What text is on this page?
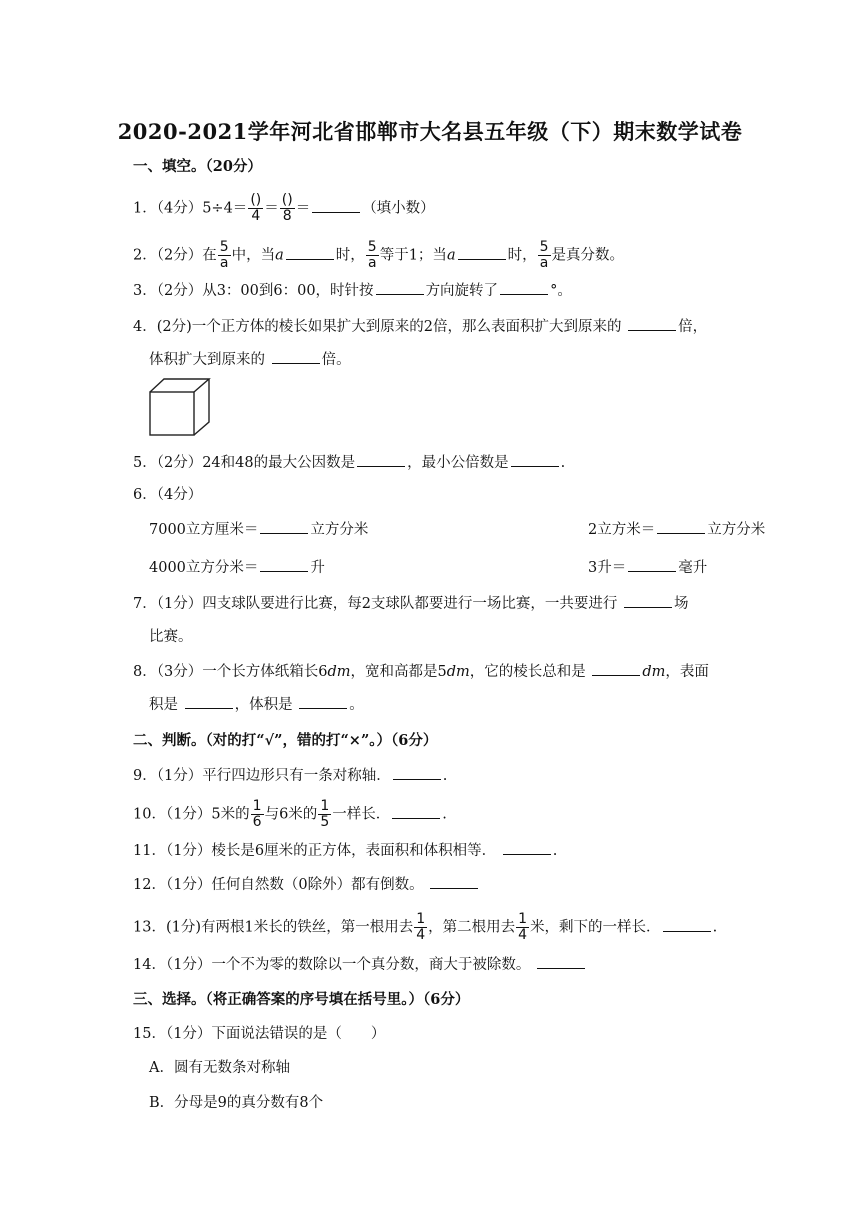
2020-2021学年河北省邯郸市大名县五年级（下）期末数学试卷
一、填空。（20分）
1．（4分）$5\div 4= \frac{()}{4} = \frac{()}{8}$ ＝	（填小数）
2．（2分）在 $\frac{5}{a}$ 中，当a	时， $\frac{5}{a}$ 等于1；当a	时， $\frac{5}{a}$ 是真分数。
3．（2分）从3：00到6：00，时针按	方向旋转了	°。
4．(2分)一个正方体的棱长如果扩大到原来的2倍，那么表面积扩大到原来的	倍，
体积扩大到原来的	倍。
5．（2分）24和48的最大公因数是	，最小公倍数是	.
6．（4分）
7000立方厘米＝	立方分米	2立方米＝	立方分米
4000立方分米＝	升	3升＝	毫升
7．（1分）四支球队要进行比赛，每2支球队都要进行一场比赛，一共要进行	场
比赛。
8．（3分）一个长方体纸箱长6dm，宽和高都是5dm，它的棱长总和是	dm，表面
积是	，体积是	。
二、判断。（对的打“√”，错的打“×”。）（6分）
9．（1分）平行四边形只有一条对称轴．	.
10．（1分）5米的 $\frac{1}{6}$ 与6米的 $\frac{1}{5}$ 一样长．	.
11．（1分）棱长是6厘米的正方体，表面积和体积相等．	.
12．（1分）任何自然数（0除外）都有倒数。
13．(1分)有两根1米长的铁丝，第一根用去 $\frac{1}{4}$ ，第二根用去 $\frac{1}{4}$ 米，剩下的一样长．	.
14．（1分）一个不为零的数除以一个真分数，商大于被除数。
三、选择。（将正确答案的序号填在括号里。）（6分）
15．（1分）下面说法错误的是（　　）
A．圆有无数条对称轴
B．分母是9的真分数有8个
